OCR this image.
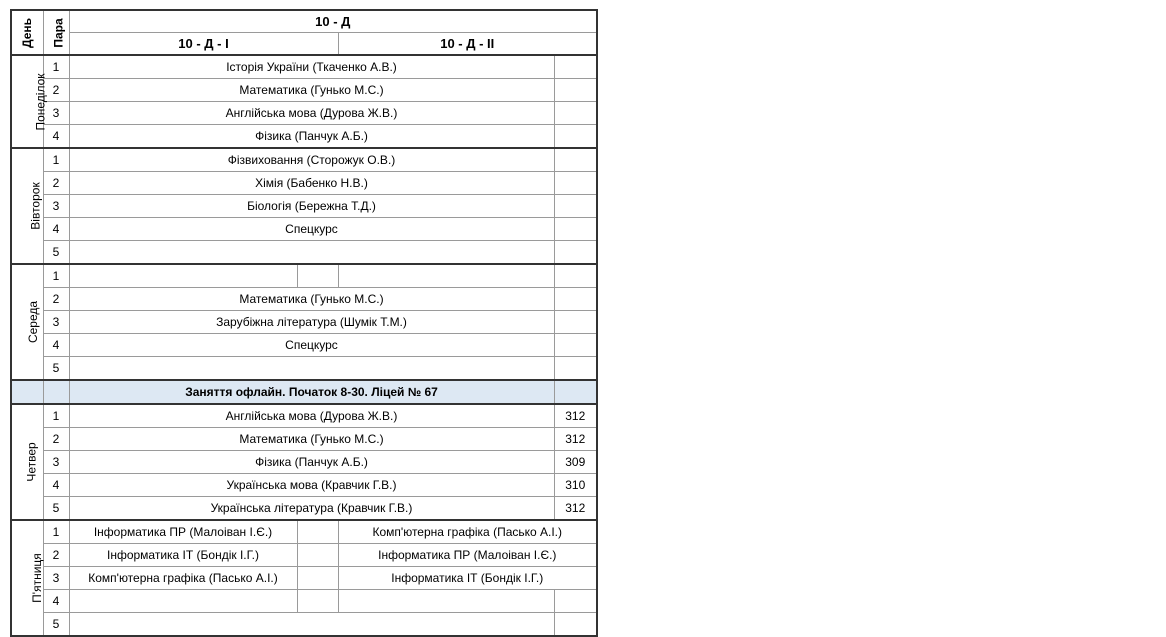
День	Пара	10 - Д			
		10 - Д - I		10 - Д - II	
Понеділок	1	Історія України (Ткаченко А.В.)			
	2	Математика (Гунько М.С.)			
	3	Англійська мова (Дурова Ж.В.)			
	4	Фізика (Панчук А.Б.)			
Вівторок	1	Фізвиховання (Сторожук О.В.)			
	2	Хімія (Бабенко Н.В.)			
	3	Біологія (Бережна Т.Д.)			
	4	Спецкурс			
	5				
Середа	1				
	2	Математика (Гунько М.С.)			
	3	Зарубіжна література (Шумік Т.М.)			
	4	Спецкурс			
	5				
		Заняття офлайн. Початок 8-30. Ліцей № 67			
Четвер	1	Англійська мова (Дурова Ж.В.)			312
	2	Математика (Гунько М.С.)			312
	3	Фізика (Панчук А.Б.)			309
	4	Українська мова (Кравчик Г.В.)			310
	5	Українська література (Кравчик Г.В.)			312
П'ятниця	1	Інформатика ПР (Малоіван І.Є.)		Комп'ютерна графіка (Пасько А.І.)	
	2	Інформатика ІТ (Бондік І.Г.)		Інформатика ПР (Малоіван І.Є.)	
	3	Комп'ютерна графіка (Пасько А.І.)		Інформатика ІТ (Бондік І.Г.)	
	4				
	5				
